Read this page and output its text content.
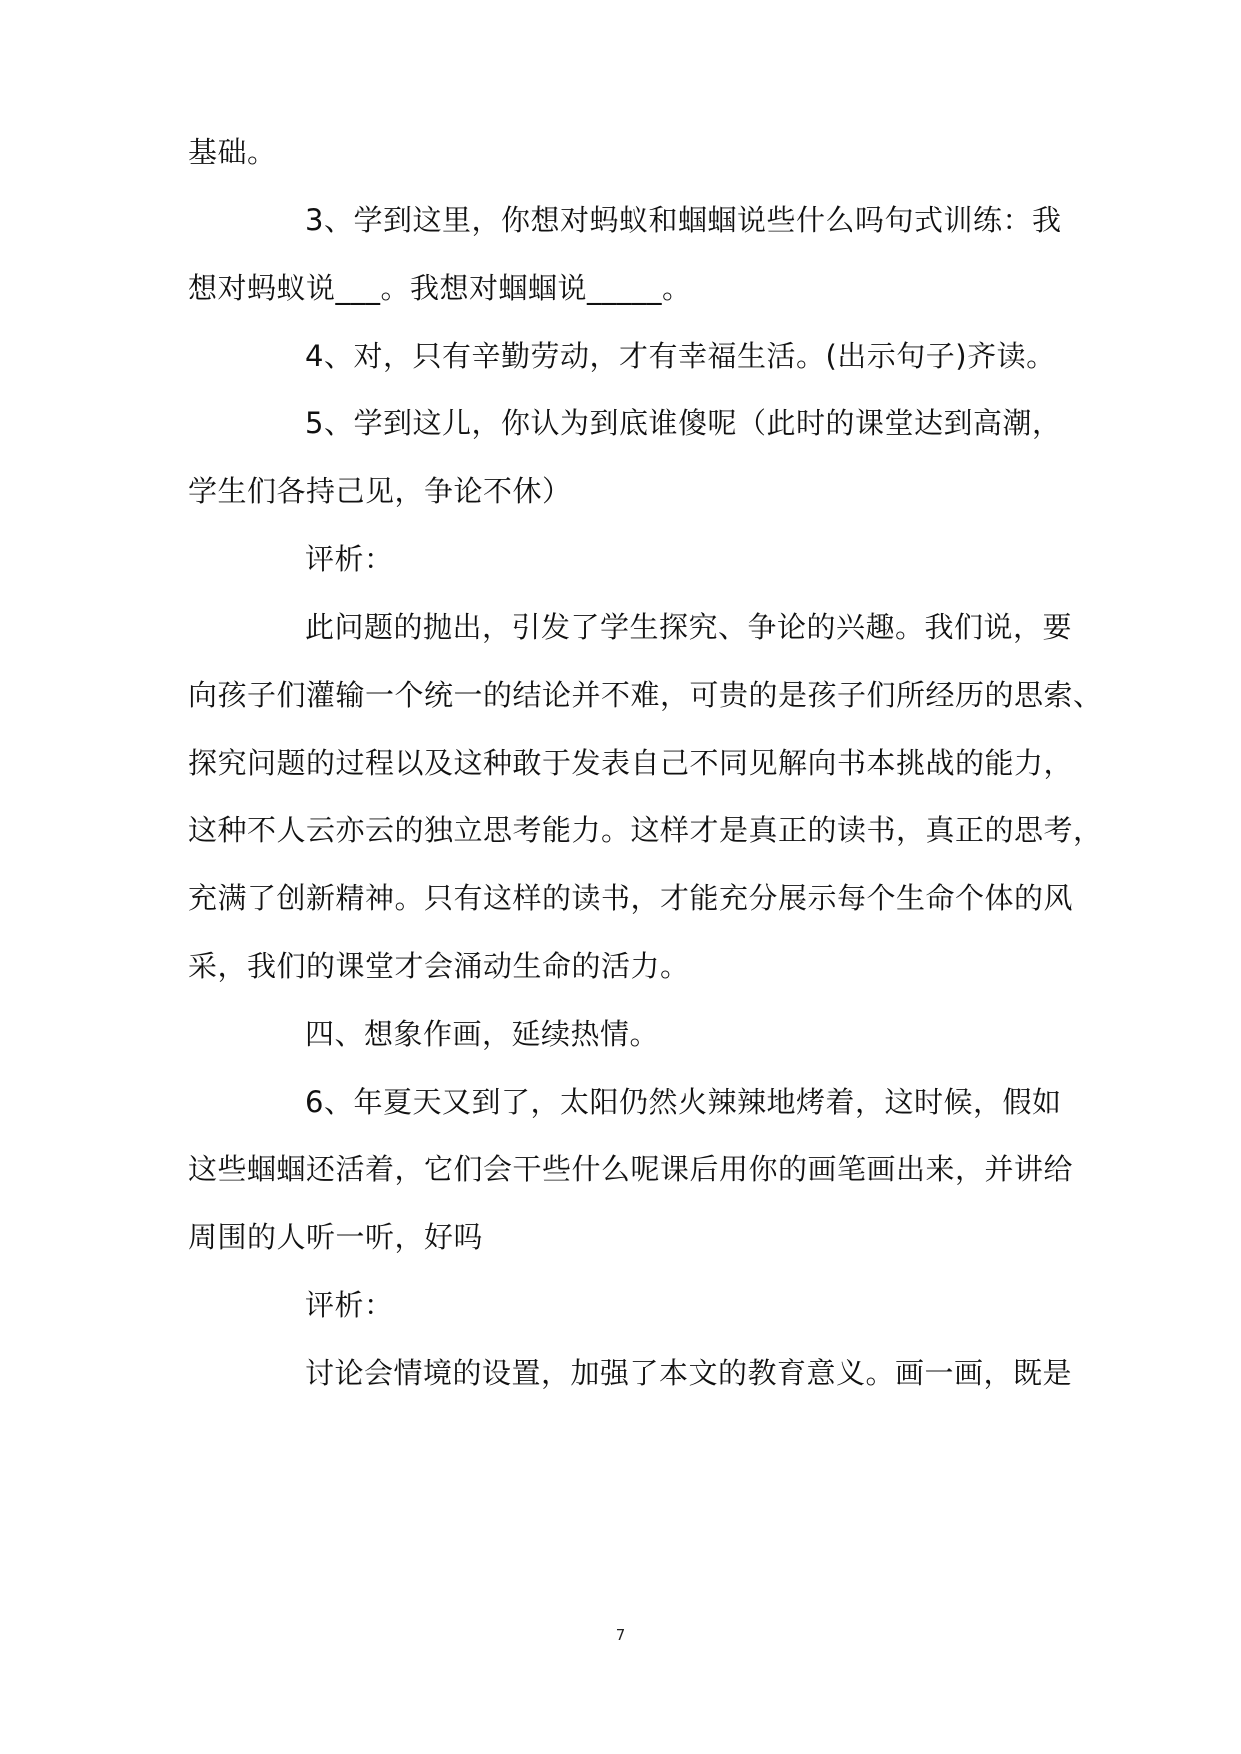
基础。
3、学到这里，你想对蚂蚁和蝈蝈说些什么吗句式训练：我
想对蚂蚁说___。我想对蝈蝈说_____。
4、对，只有辛勤劳动，才有幸福生活。(出示句子)齐读。
5、学到这儿，你认为到底谁傻呢（此时的课堂达到高潮，
学生们各持己见，争论不休）
评析：
此问题的抛出，引发了学生探究、争论的兴趣。我们说，要
向孩子们灌输一个统一的结论并不难，可贵的是孩子们所经历的思索、
探究问题的过程以及这种敢于发表自己不同见解向书本挑战的能力，
这种不人云亦云的独立思考能力。这样才是真正的读书，真正的思考，
充满了创新精神。只有这样的读书，才能充分展示每个生命个体的风
采，我们的课堂才会涌动生命的活力。
四、想象作画，延续热情。
6、年夏天又到了，太阳仍然火辣辣地烤着，这时候，假如
这些蝈蝈还活着，它们会干些什么呢课后用你的画笔画出来，并讲给
周围的人听一听，好吗
评析：
讨论会情境的设置，加强了本文的教育意义。画一画，既是
7
